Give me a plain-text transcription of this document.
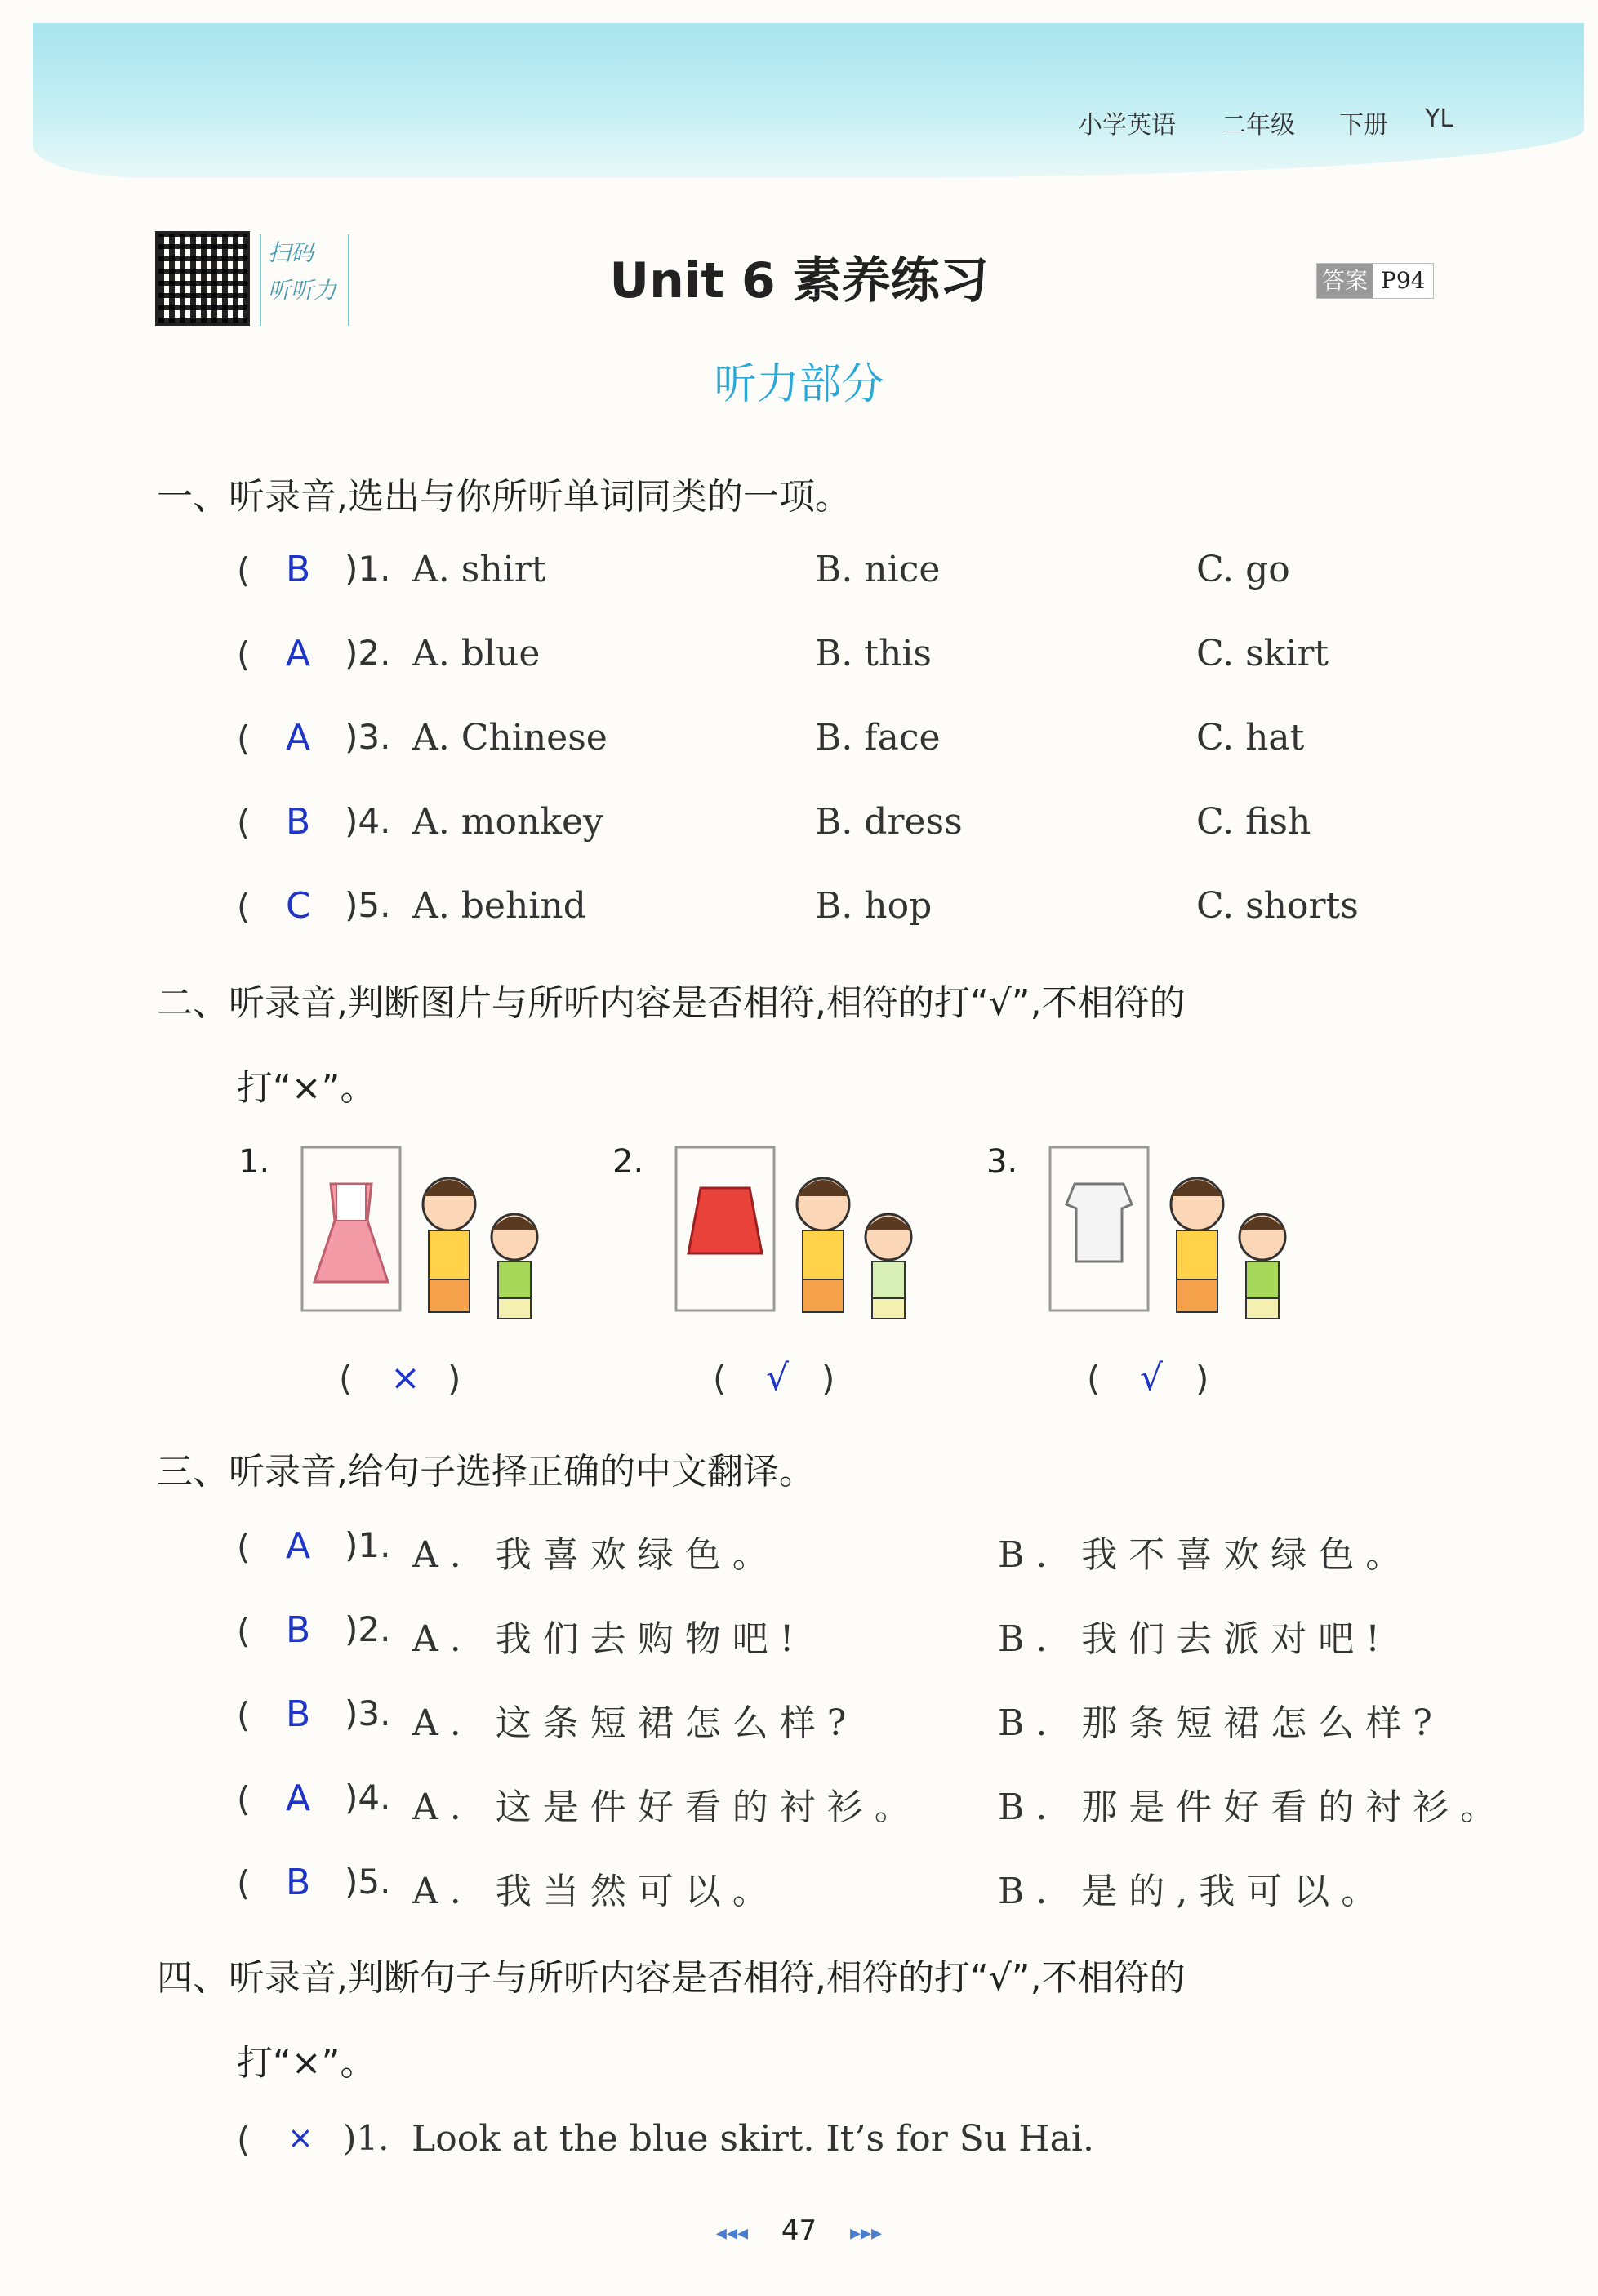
小学英语 二年级 下册 YL
扫码
听听力	Unit 6 素养练习	答案 P94
听力部分
一、听录音,选出与你所听单词同类的一项。
( B )1. A. shirt	B. nice	C. go
( A )2. A. blue	B. this	C. skirt
( A )3. A. Chinese	B. face	C. hat
( B )4. A. monkey	B. dress	C. fish
( C )5. A. behind	B. hop	C. shorts
二、听录音,判断图片与所听内容是否相符,相符的打“√”,不相符的
打“×”。
1.	2.	3.
( × )	( √ )	( √ )
三、听录音,给句子选择正确的中文翻译。
( A )1. A. 我喜欢绿色。	B. 我不喜欢绿色。
( B )2. A. 我们去购物吧!	B. 我们去派对吧!
( B )3. A. 这条短裙怎么样?	B. 那条短裙怎么样?
( A )4. A. 这是件好看的衬衫。 B. 那是件好看的衬衫。
( B )5. A. 我当然可以。	B. 是的,我可以。
四、听录音,判断句子与所听内容是否相符,相符的打“√”,不相符的
打“×”。
( × )1. Look at the blue skirt. It’s for Su Hai.
◂◂◂ 47 ▸▸▸
